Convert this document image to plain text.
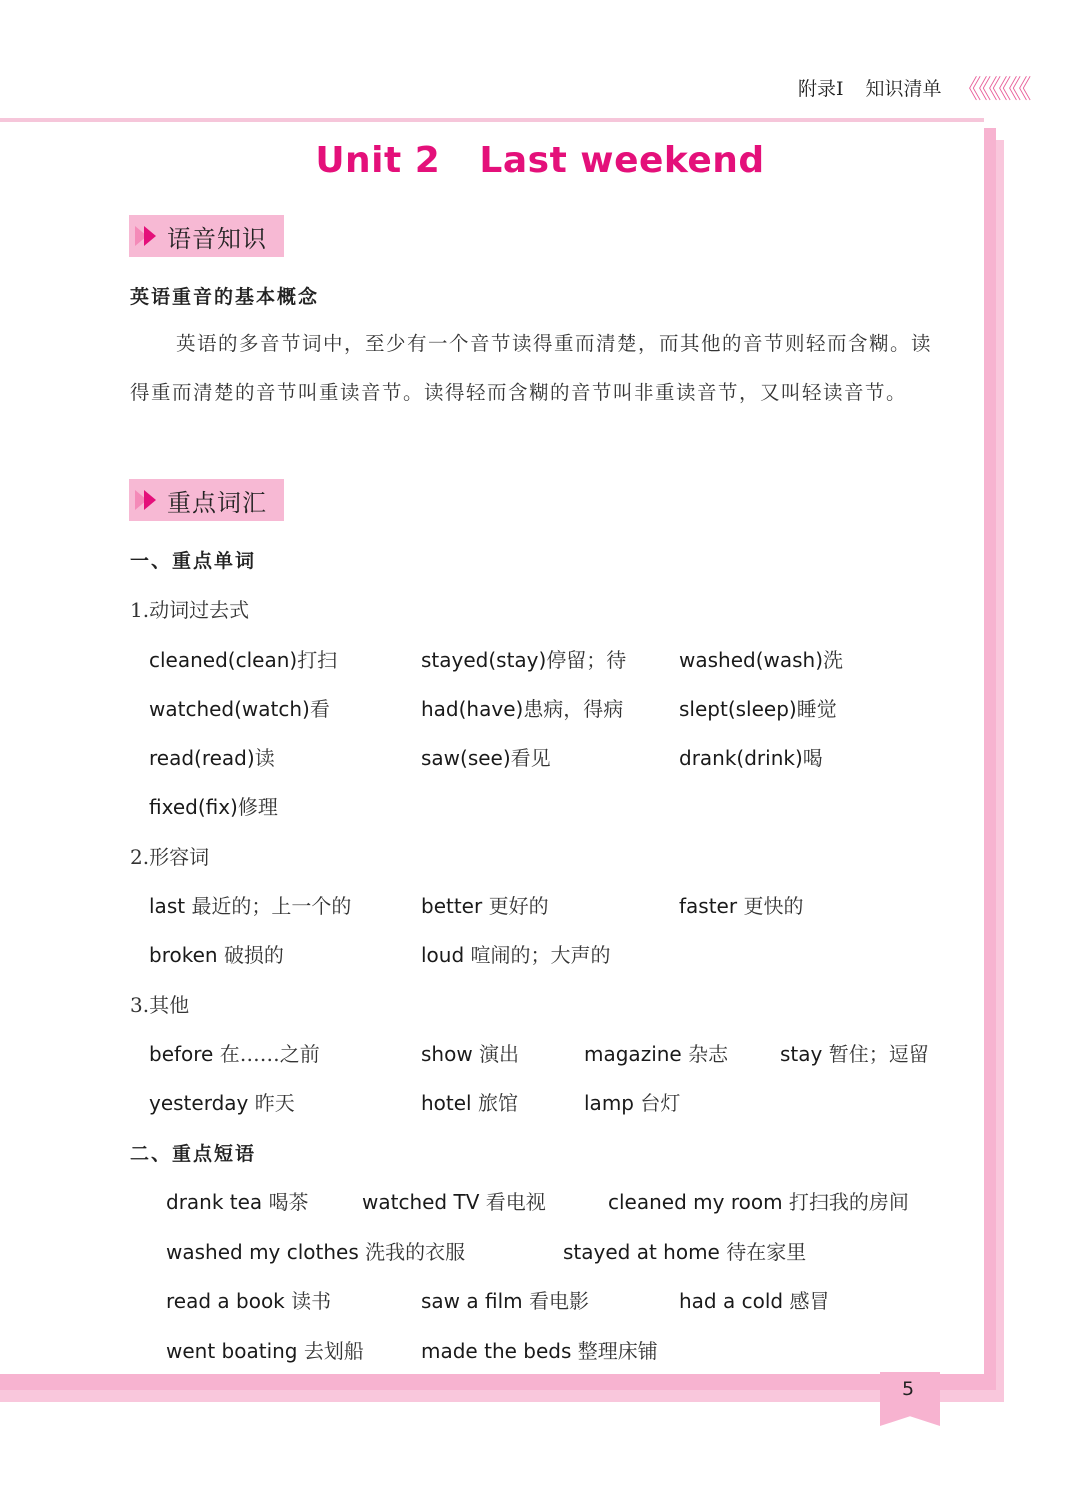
附录Ⅰ 知识清单 《《《《《《
Unit 2   Last weekend
语音知识
英语重音的基本概念
英语的多音节词中，至少有一个音节读得重而清楚，而其他的音节则轻而含糊。读得重而清楚的音节叫重读音节。读得轻而含糊的音节叫非重读音节，又叫轻读音节。
重点词汇
一、重点单词
1.动词过去式
cleaned(clean)打扫	stayed(stay)停留；待	washed(wash)洗
watched(watch)看	had(have)患病，得病	slept(sleep)睡觉
read(read)读	saw(see)看见	drank(drink)喝
fixed(fix)修理
2.形容词
last 最近的；上一个的	better 更好的	faster 更快的
broken 破损的	loud 喧闹的；大声的
3.其他
before 在……之前	show 演出	magazine 杂志	stay 暂住；逗留
yesterday 昨天	hotel 旅馆	lamp 台灯
二、重点短语
drank tea 喝茶	watched TV 看电视	cleaned my room 打扫我的房间
washed my clothes 洗我的衣服	stayed at home 待在家里
read a book 读书	saw a film 看电影	had a cold 感冒
went boating 去划船	made the beds 整理床铺
5
